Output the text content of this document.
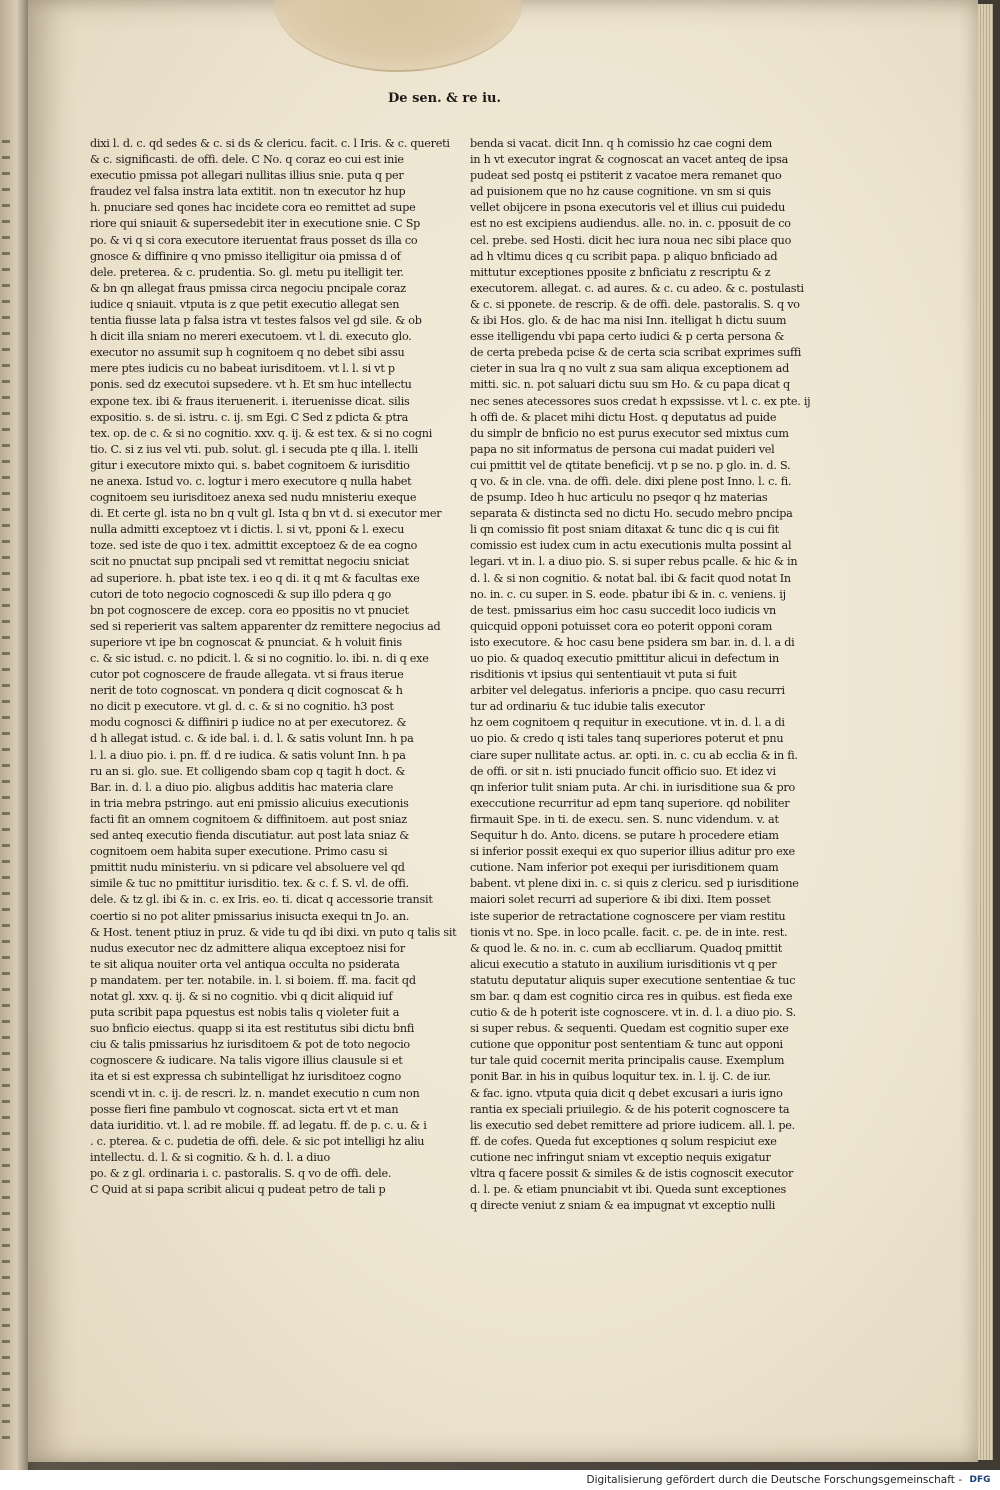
De sen. & re iu.
dixi l. d. c. qd sedes & c. si ds & clericu. facit. c. l Iris. & c. quereti
& c. significasti. de offi. dele. C No. q coraz eo cui est inie
executio pmissa pot allegari nullitas illius snie. puta q per
fraudez vel falsa instra lata extitit. non tn executor hz hup
h. pnuciare sed qones hac incidete cora eo remittet ad supe
riore qui sniauit & supersedebit iter in executione snie. C Sp
po. & vi q si cora executore iteruentat fraus posset ds illa co
gnosce & diffinire q vno pmisso itelligitur oia pmissa d of
dele. preterea. & c. prudentia. So. gl. metu pu itelligit ter.
& bn qn allegat fraus pmissa circa negociu pncipale coraz
iudice q sniauit. vtputa is z que petit executio allegat sen
tentia fiusse lata p falsa istra vt testes falsos vel gd sile. & ob
h dicit illa sniam no mereri executoem. vt l. di. executo glo.
executor no assumit sup h cognitoem q no debet sibi assu
mere ptes iudicis cu no babeat iurisditoem. vt l. l. si vt p
ponis. sed dz executoi supsedere. vt h. Et sm huc intellectu
expone tex. ibi & fraus iteruenerit. i. iteruenisse dicat. silis
expositio. s. de si. istru. c. ij. sm Egi. C Sed z pdicta & ptra
tex. op. de c. & si no cognitio. xxv. q. ij. & est tex. & si no cogni
tio. C. si z ius vel vti. pub. solut. gl. i secuda pte q illa. l. itelli
gitur i executore mixto qui. s. babet cognitoem & iurisditio
ne anexa. Istud vo. c. logtur i mero executore q nulla habet
cognitoem seu iurisditoez anexa sed nudu mnisteriu exeque
di. Et certe gl. ista no bn q vult gl. Ista q bn vt d. si executor mer
nulla admitti exceptoez vt i dictis. l. si vt, pponi & l. execu
toze. sed iste de quo i tex. admittit exceptoez & de ea cogno
scit no pnuctat sup pncipali sed vt remittat negociu sniciat
ad superiore. h. pbat iste tex. i eo q di. it q mt & facultas exe
cutori de toto negocio cognoscedi & sup illo pdera q go
bn pot cognoscere de excep. cora eo ppositis no vt pnuciet
sed si reperierit vas saltem apparenter dz remittere negocius ad
superiore vt ipe bn cognoscat & pnunciat. & h voluit finis
c. & sic istud. c. no pdicit. l. & si no cognitio. lo. ibi. n. di q exe
cutor pot cognoscere de fraude allegata. vt si fraus iterue
nerit de toto cognoscat. vn pondera q dicit cognoscat & h
no dicit p executore. vt gl. d. c. & si no cognitio. h3 post
modu cognosci & diffiniri p iudice no at per executorez. &
d h allegat istud. c. & ide bal. i. d. l. & satis volunt Inn. h pa
l. l. a diuo pio. i. pn. ff. d re iudica. & satis volunt Inn. h pa
ru an si. glo. sue. Et colligendo sbam cop q tagit h doct. &
Bar. in. d. l. a diuo pio. aligbus additis hac materia clare
in tria mebra pstringo. aut eni pmissio alicuius executionis
facti fit an omnem cognitoem & diffinitoem. aut post sniaz
sed anteq executio fienda discutiatur. aut post lata sniaz &
cognitoem oem habita super executione. Primo casu si
pmittit nudu ministeriu. vn si pdicare vel absoluere vel qd
simile & tuc no pmittitur iurisditio. tex. & c. f. S. vl. de offi.
dele. & tz gl. ibi & in. c. ex Iris. eo. ti. dicat q accessorie transit
coertio si no pot aliter pmissarius inisucta exequi tn Jo. an.
& Host. tenent ptiuz in pruz. & vide tu qd ibi dixi. vn puto q talis sit
nudus executor nec dz admittere aliqua exceptoez nisi for
te sit aliqua nouiter orta vel antiqua occulta no psiderata
p mandatem. per ter. notabile. in. l. si boiem. ff. ma. facit qd
notat gl. xxv. q. ij. & si no cognitio. vbi q dicit aliquid iuf
puta scribit papa pquestus est nobis talis q violeter fuit a
suo bnficio eiectus. quapp si ita est restitutus sibi dictu bnfi
ciu & talis pmissarius hz iurisditoem & pot de toto negocio
cognoscere & iudicare. Na talis vigore illius clausule si et
ita et si est expressa ch subintelligat hz iurisditoez cogno
scendi vt in. c. ij. de rescri. lz. n. mandet executio n cum non
posse fieri fine pambulo vt cognoscat. sicta ert vt et man
data iuriditio. vt. l. ad re mobile. ff. ad legatu. ff. de p. c. u. & i
. c. pterea. & c. pudetia de offi. dele. & sic pot intelligi hz aliu
intellectu. d. l. & si cognitio. & h. d. l. a diuo
po. & z gl. ordinaria i. c. pastoralis. S. q vo de offi. dele.
C Quid at si papa scribit alicui q pudeat petro de tali p
benda si vacat. dicit Inn. q h comissio hz cae cogni dem
in h vt executor ingrat & cognoscat an vacet anteq de ipsa
pudeat sed postq ei pstiterit z vacatoe mera remanet quo
ad puisionem que no hz cause cognitione. vn sm si quis
vellet obijcere in psona executoris vel et illius cui puidedu
est no est excipiens audiendus. alle. no. in. c. pposuit de co
cel. prebe. sed Hosti. dicit hec iura noua nec sibi place quo
ad h vltimu dices q cu scribit papa. p aliquo bnficiado ad
mittutur exceptiones pposite z bnficiatu z rescriptu & z
executorem. allegat. c. ad aures. & c. cu adeo. & c. postulasti
& c. si pponete. de rescrip. & de offi. dele. pastoralis. S. q vo
& ibi Hos. glo. & de hac ma nisi Inn. itelligat h dictu suum
esse itelligendu vbi papa certo iudici & p certa persona &
de certa prebeda pcise & de certa scia scribat exprimes suffi
cieter in sua lra q no vult z sua sam aliqua exceptionem ad
mitti. sic. n. pot saluari dictu suu sm Ho. & cu papa dicat q
nec senes atecessores suos credat h expssisse. vt l. c. ex pte. ij
h offi de. & placet mihi dictu Host. q deputatus ad puide
du simplr de bnficio no est purus executor sed mixtus cum
papa no sit informatus de persona cui madat puideri vel
cui pmittit vel de qtitate beneficij. vt p se no. p glo. in. d. S.
q vo. & in cle. vna. de offi. dele. dixi plene post Inno. l. c. fi.
de psump. Ideo h huc articulu no pseqor q hz materias
separata & distincta sed no dictu Ho. secudo mebro pncipa
li qn comissio fit post sniam ditaxat & tunc dic q is cui fit
comissio est iudex cum in actu executionis multa possint al
legari. vt in. l. a diuo pio. S. si super rebus pcalle. & hic & in
d. l. & si non cognitio. & notat bal. ibi & facit quod notat In
no. in. c. cu super. in S. eode. pbatur ibi & in. c. veniens. ij
de test. pmissarius eim hoc casu succedit loco iudicis vn
quicquid opponi potuisset cora eo poterit opponi coram
isto executore. & hoc casu bene psidera sm bar. in. d. l. a di
uo pio. & quadoq executio pmittitur alicui in defectum in
risditionis vt ipsius qui sententiauit vt puta si fuit
arbiter vel delegatus. inferioris a pncipe. quo casu recurri
tur ad ordinariu & tuc idubie talis executor
hz oem cognitoem q requitur in executione. vt in. d. l. a di
uo pio. & credo q isti tales tanq superiores poterut et pnu
ciare super nullitate actus. ar. opti. in. c. cu ab ecclia & in fi.
de offi. or sit n. isti pnuciado funcit officio suo. Et idez vi
qn inferior tulit sniam puta. Ar chi. in iurisditione sua & pro
execcutione recurritur ad epm tanq superiore. qd nobiliter
firmauit Spe. in ti. de execu. sen. S. nunc videndum. v. at
Sequitur h do. Anto. dicens. se putare h procedere etiam
si inferior possit exequi ex quo superior illius aditur pro exe
cutione. Nam inferior pot exequi per iurisditionem quam
babent. vt plene dixi in. c. si quis z clericu. sed p iurisditione
maiori solet recurri ad superiore & ibi dixi. Item posset
iste superior de retractatione cognoscere per viam restitu
tionis vt no. Spe. in loco pcalle. facit. c. pe. de in inte. rest.
& quod le. & no. in. c. cum ab ecclliarum. Quadoq pmittit
alicui executio a statuto in auxilium iurisditionis vt q per
statutu deputatur aliquis super executione sententiae & tuc
sm bar. q dam est cognitio circa res in quibus. est fieda exe
cutio & de h poterit iste cognoscere. vt in. d. l. a diuo pio. S.
si super rebus. & sequenti. Quedam est cognitio super exe
cutione que opponitur post sententiam & tunc aut opponi
tur tale quid cocernit merita principalis cause. Exemplum
ponit Bar. in his in quibus loquitur tex. in. l. ij. C. de iur.
& fac. igno. vtputa quia dicit q debet excusari a iuris igno
rantia ex speciali priuilegio. & de his poterit cognoscere ta
lis executio sed debet remittere ad priore iudicem. all. l. pe.
ff. de cofes. Queda fut exceptiones q solum respiciut exe
cutione nec infringut sniam vt exceptio nequis exigatur
vltra q facere possit & similes & de istis cognoscit executor
d. l. pe. & etiam pnunciabit vt ibi. Queda sunt exceptiones
q directe veniut z sniam & ea impugnat vt exceptio nulli
Digitalisierung gefördert durch die Deutsche Forschungsgemeinschaft - DFG
